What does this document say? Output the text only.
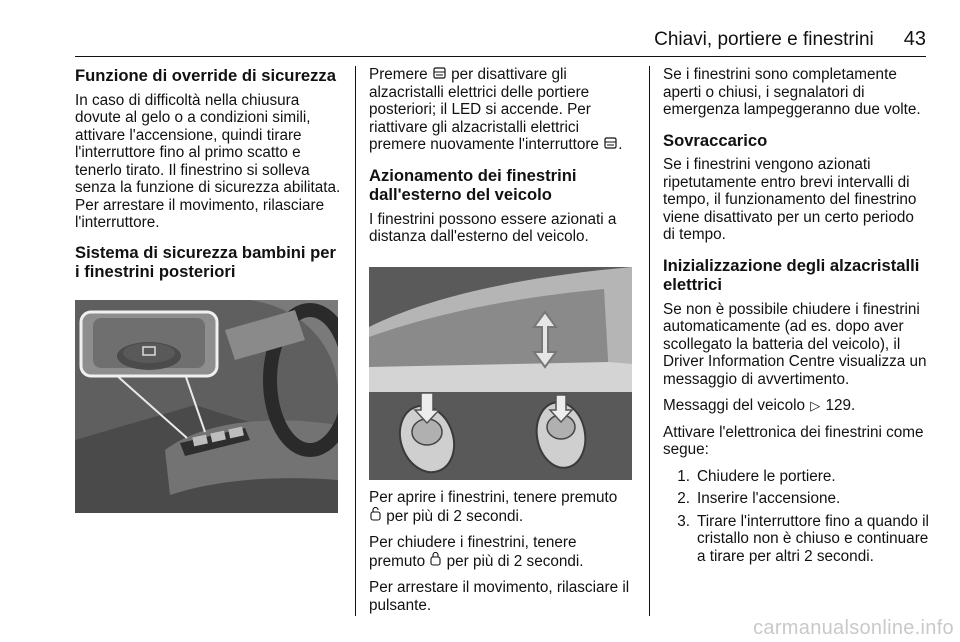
Chiavi, portiere e finestrini 43
Funzione di override di sicurezza

In caso di difficoltà nella chiusura dovute al gelo o a condizioni simili, attivare l'accensione, quindi tirare l'interruttore fino al primo scatto e tenerlo tirato. Il finestrino si solleva senza la funzione di sicurezza abilitata. Per arrestare il movimento, rilasciare l'interruttore.

Sistema di sicurezza bambini per i finestrini posteriori

Premere per disattivare gli alzacristalli elettrici delle portiere posteriori; il LED si accende. Per riattivare gli alzacristalli elettrici premere nuovamente l'interruttore .

Azionamento dei finestrini dall'esterno del veicolo

I finestrini possono essere azionati a distanza dall'esterno del veicolo.

Per aprire i finestrini, tenere premuto  per più di 2 secondi.

Per chiudere i finestrini, tenere premuto per più di 2 secondi.

Per arrestare il movimento, rilasciare il pulsante.

Se i finestrini sono completamente aperti o chiusi, i segnalatori di emergenza lampeggeranno due volte.

Sovraccarico

Se i finestrini vengono azionati ripetutamente entro brevi intervalli di tempo, il funzionamento del finestrino viene disattivato per un certo periodo di tempo.

Inizializzazione degli alzacristalli elettrici

Se non è possibile chiudere i finestrini automaticamente (ad es. dopo aver scollegato la batteria del veicolo), il Driver Information Centre visualizza un messaggio di avvertimento.

Messaggi del veicolo ▷ 129.

Attivare l'elettronica dei finestrini come segue:

1. Chiudere le portiere.
2. Inserire l'accensione.
3. Tirare l'interruttore fino a quando il cristallo non è chiuso e continuare a tirare per altri 2 secondi.
carmanualsonline.info
